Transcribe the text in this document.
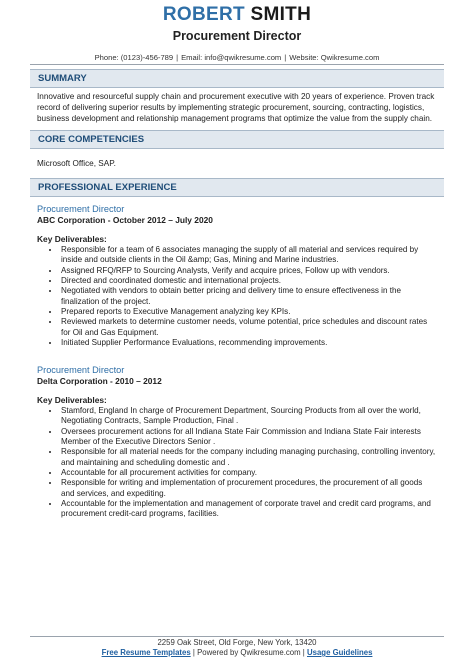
ROBERT SMITH
Procurement Director
Phone: (0123)-456-789 | Email: info@qwikresume.com | Website: Qwikresume.com
SUMMARY
Innovative and resourceful supply chain and procurement executive with 20 years of experience. Proven track record of delivering superior results by implementing strategic procurement, sourcing, contracting, logistics, business development and relationship management programs that optimize the value from the supply chain.
CORE COMPETENCIES
Microsoft Office, SAP.
PROFESSIONAL EXPERIENCE
Procurement Director
ABC Corporation - October 2012 – July 2020
Key Deliverables:
• Responsible for a team of 6 associates managing the supply of all material and services required by inside and outside clients in the Oil &amp; Gas, Mining and Marine industries.
• Assigned RFQ/RFP to Sourcing Analysts, Verify and acquire prices, Follow up with vendors.
• Directed and coordinated domestic and international projects.
• Negotiated with vendors to obtain better pricing and delivery time to ensure effectiveness in the finalization of the project.
• Prepared reports to Executive Management analyzing key KPIs.
• Reviewed markets to determine customer needs, volume potential, price schedules and discount rates for Oil and Gas Equipment.
• Initiated Supplier Performance Evaluations, recommending improvements.
Procurement Director
Delta Corporation - 2010 – 2012
Key Deliverables:
• Stamford, England In charge of Procurement Department, Sourcing Products from all over the world, Negotiating Contracts, Sample Production, Final .
• Oversees procurement actions for all Indiana State Fair Commission and Indiana State Fair interests Member of the Executive Directors Senior .
• Responsible for all material needs for the company including managing purchasing, controlling inventory, and maintaining and scheduling domestic and .
• Accountable for all procurement activities for company.
• Responsible for writing and implementation of procurement procedures, the procurement of all goods and services, and expediting.
• Accountable for the implementation and management of corporate travel and credit card programs, and procurement credit-card programs, facilities.
2259 Oak Street, Old Forge, New York, 13420
Free Resume Templates | Powered by Qwikresume.com | Usage Guidelines
